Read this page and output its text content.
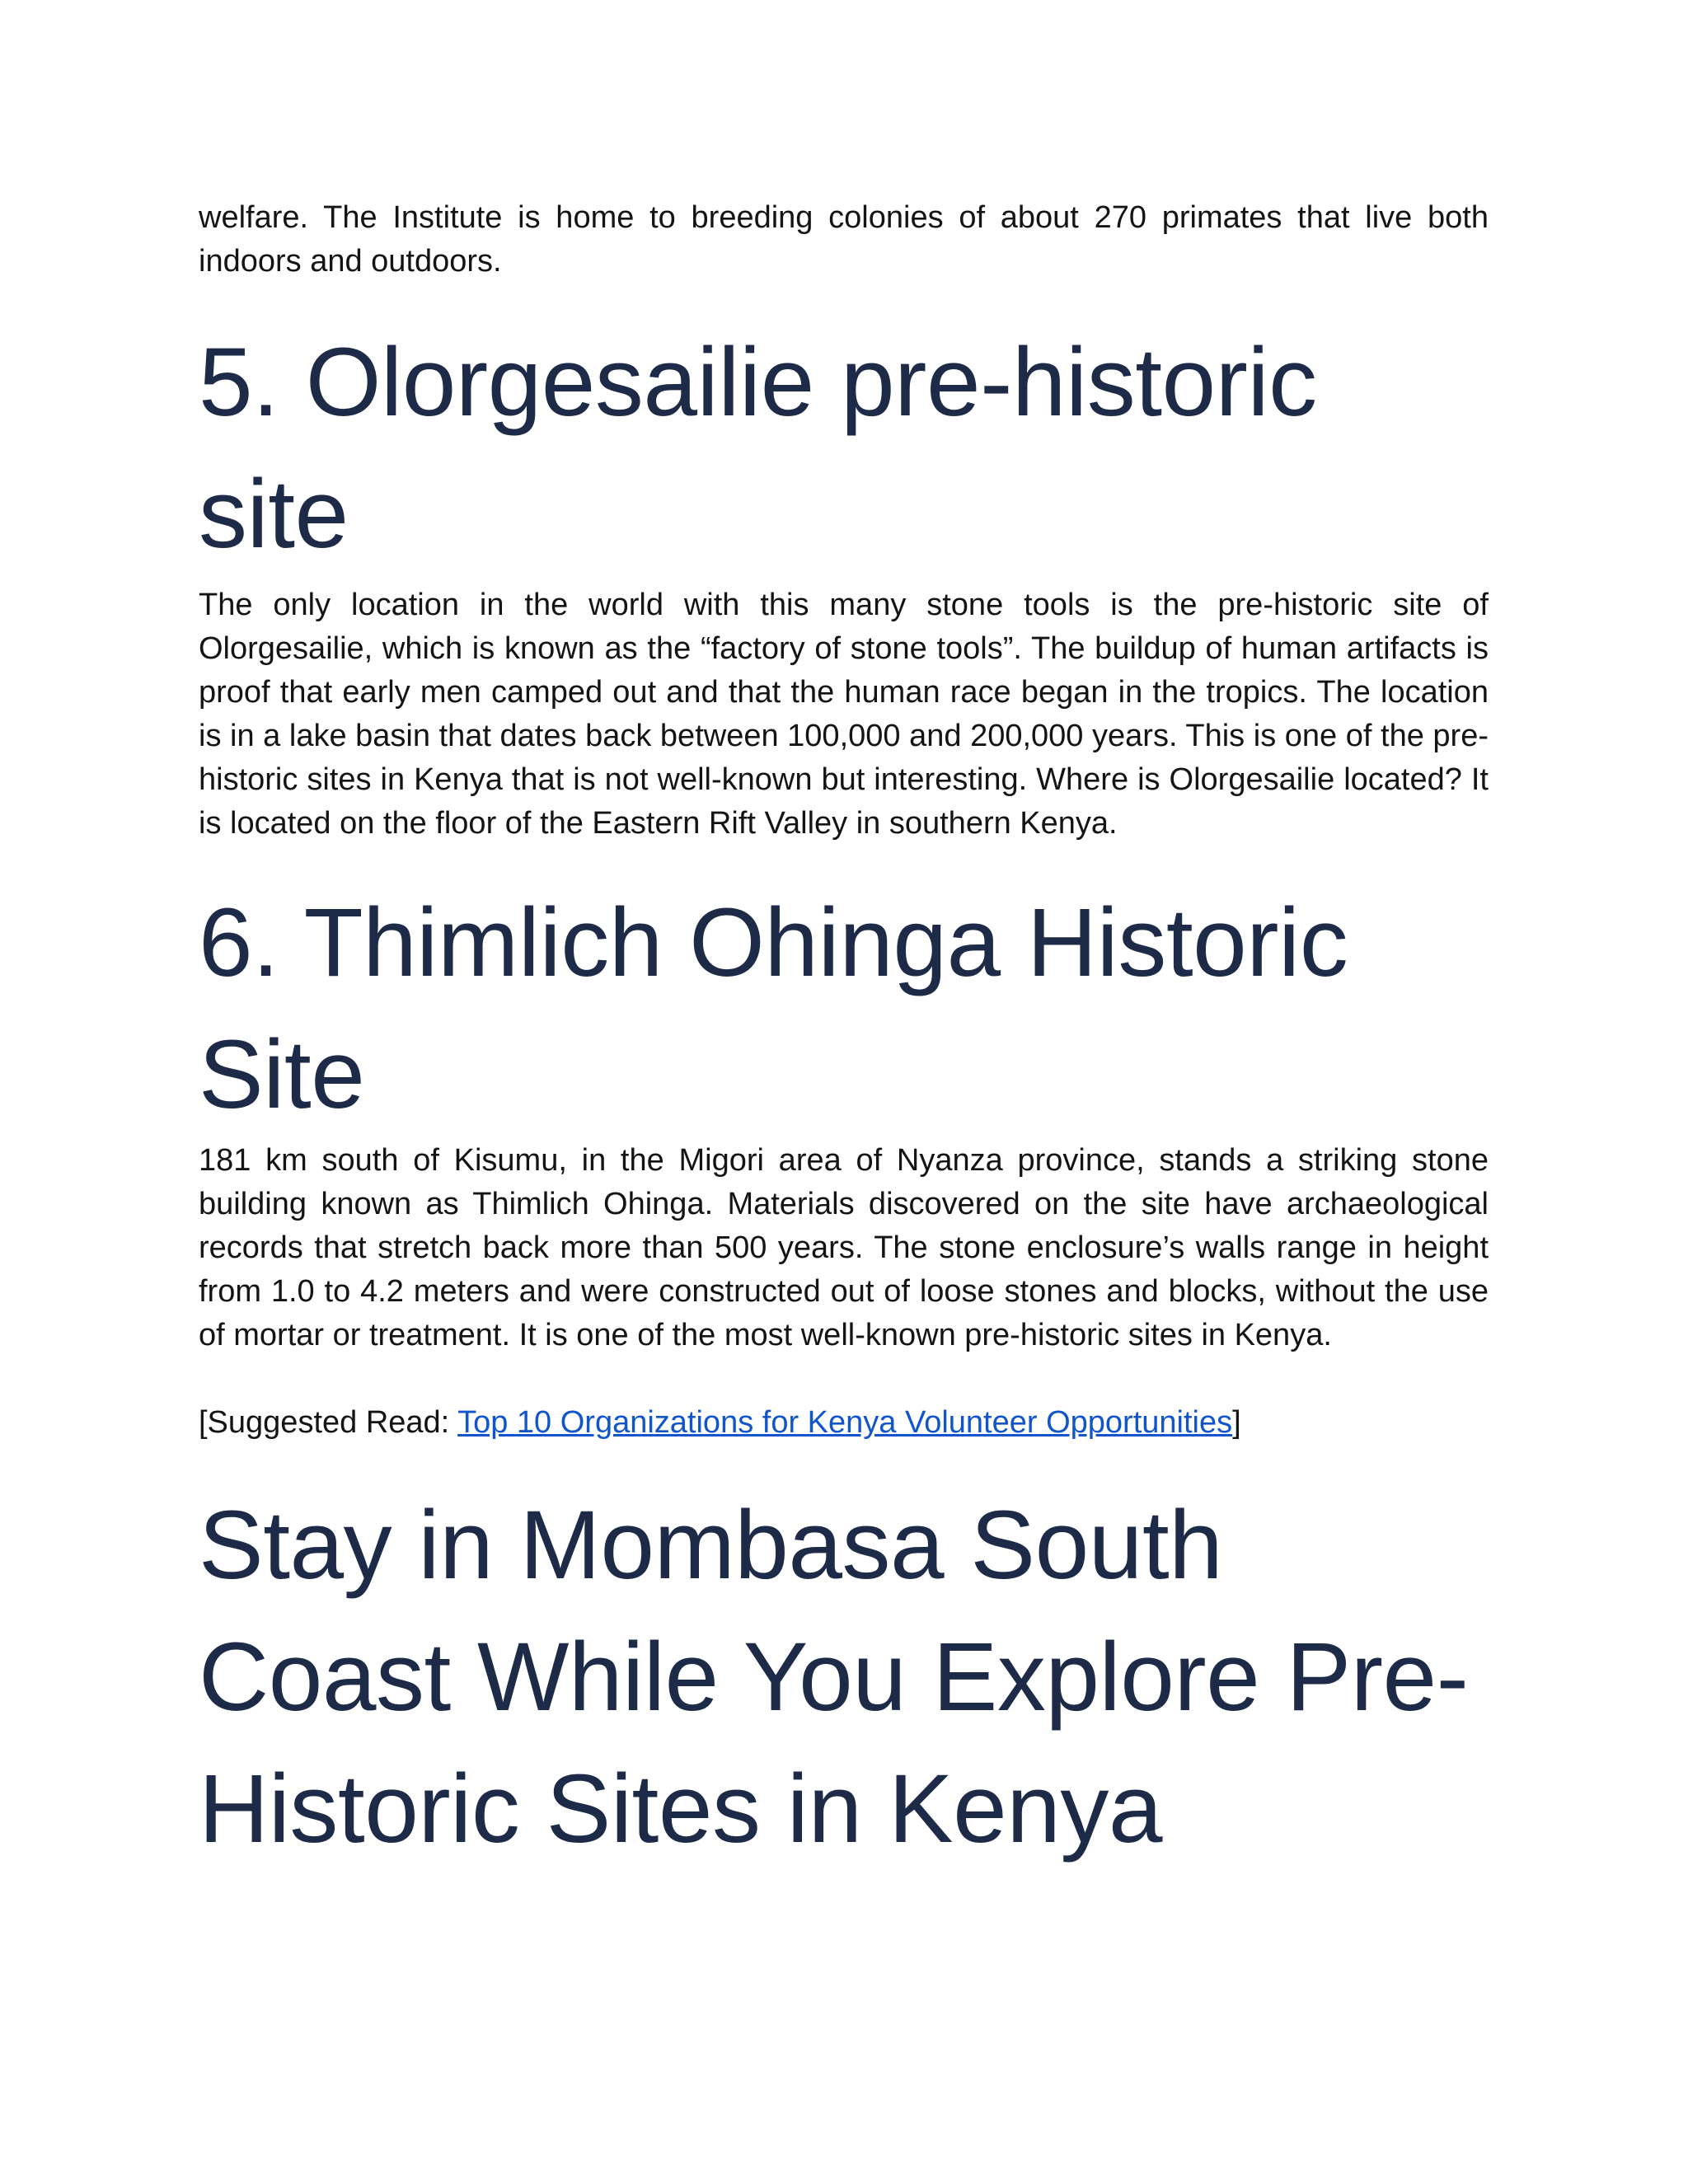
welfare. The Institute is home to breeding colonies of about 270 primates that live both indoors and outdoors.

5. Olorgesailie pre-historic site

The only location in the world with this many stone tools is the pre-historic site of Olorgesailie, which is known as the “factory of stone tools”. The buildup of human artifacts is proof that early men camped out and that the human race began in the tropics. The location is in a lake basin that dates back between 100,000 and 200,000 years. This is one of the pre-historic sites in Kenya that is not well-known but interesting. Where is Olorgesailie located? It is located on the floor of the Eastern Rift Valley in southern Kenya.

6. Thimlich Ohinga Historic Site

181 km south of Kisumu, in the Migori area of Nyanza province, stands a striking stone building known as Thimlich Ohinga. Materials discovered on the site have archaeological records that stretch back more than 500 years. The stone enclosure’s walls range in height from 1.0 to 4.2 meters and were constructed out of loose stones and blocks, without the use of mortar or treatment. It is one of the most well-known pre-historic sites in Kenya.

[Suggested Read: Top 10 Organizations for Kenya Volunteer Opportunities]

Stay in Mombasa South Coast While You Explore Pre-Historic Sites in Kenya
